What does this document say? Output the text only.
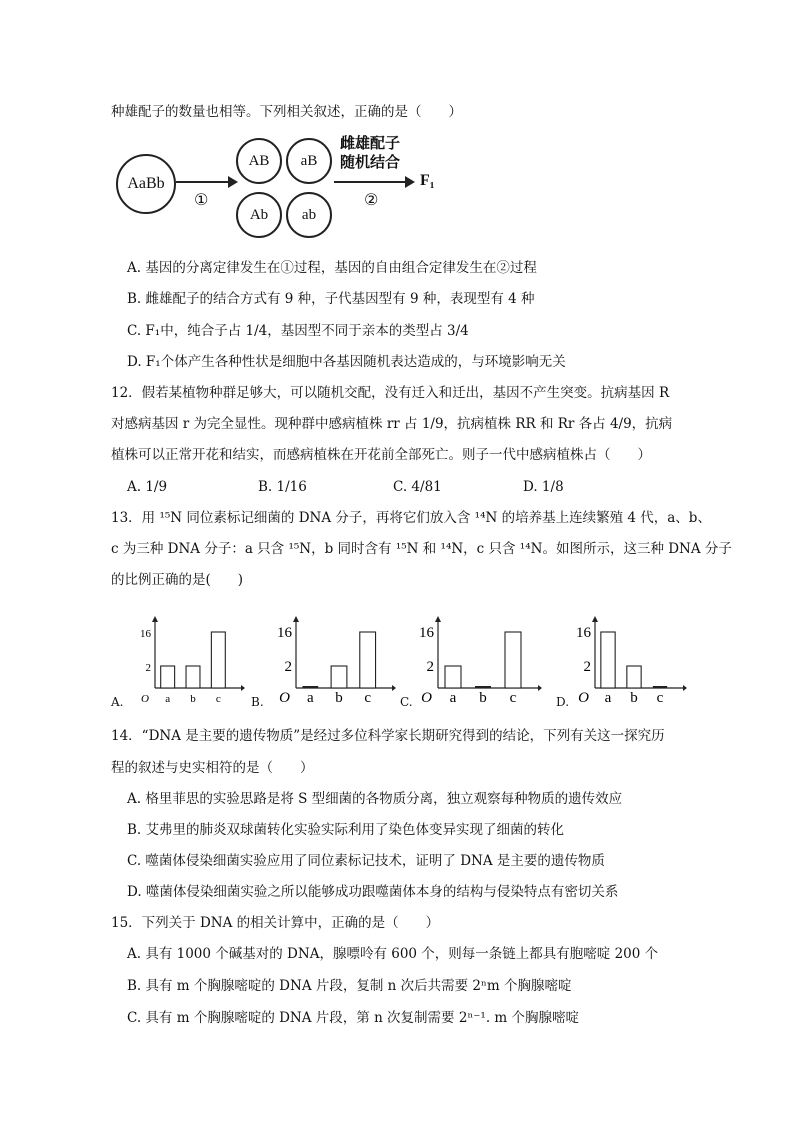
种雄配子的数量也相等。下列相关叙述，正确的是（　　）
AaBb
①
AB aB
Ab ab
雌雄配子
随机结合
②
F₁
A. 基因的分离定律发生在①过程，基因的自由组合定律发生在②过程
B. 雌雄配子的结合方式有 9 种，子代基因型有 9 种，表现型有 4 种
C. F₁中，纯合子占 1/4，基因型不同于亲本的类型占 3/4
D. F₁个体产生各种性状是细胞中各基因随机表达造成的，与环境影响无关
12．假若某植物种群足够大，可以随机交配，没有迁入和迁出，基因不产生突变。抗病基因 R
对感病基因 r 为完全显性。现种群中感病植株 rr 占 1/9，抗病植株 RR 和 Rr 各占 4/9，抗病
植株可以正常开花和结实，而感病植株在开花前全部死亡。则子一代中感病植株占（　　）
A. 1/9	B. 1/16	C. 4/81	D. 1/8
13．用 ¹⁵N 同位素标记细菌的 DNA 分子，再将它们放入含 ¹⁴N 的培养基上连续繁殖 4 代，a、b、
c 为三种 DNA 分子：a 只含 ¹⁵N，b 同时含有 ¹⁵N 和 ¹⁴N，c 只含 ¹⁴N。如图所示，这三种 DNA 分子
的比例正确的是(　　)
A.	B.	C.	D.
2
16
O a b c
2
16
O a b c
2
16
O a b c
2
16
O a b c
14．“DNA 是主要的遗传物质”是经过多位科学家长期研究得到的结论，下列有关这一探究历
程的叙述与史实相符的是（　　）
A. 格里菲思的实验思路是将 S 型细菌的各物质分离，独立观察每种物质的遗传效应
B. 艾弗里的肺炎双球菌转化实验实际利用了染色体变异实现了细菌的转化
C. 噬菌体侵染细菌实验应用了同位素标记技术，证明了 DNA 是主要的遗传物质
D. 噬菌体侵染细菌实验之所以能够成功跟噬菌体本身的结构与侵染特点有密切关系
15．下列关于 DNA 的相关计算中，正确的是（　　）
A. 具有 1000 个碱基对的 DNA，腺嘌呤有 600 个，则每一条链上都具有胞嘧啶 200 个
B. 具有 m 个胸腺嘧啶的 DNA 片段，复制 n 次后共需要 2ⁿm 个胸腺嘧啶
C. 具有 m 个胸腺嘧啶的 DNA 片段，第 n 次复制需要 2ⁿ⁻¹. m 个胸腺嘧啶
